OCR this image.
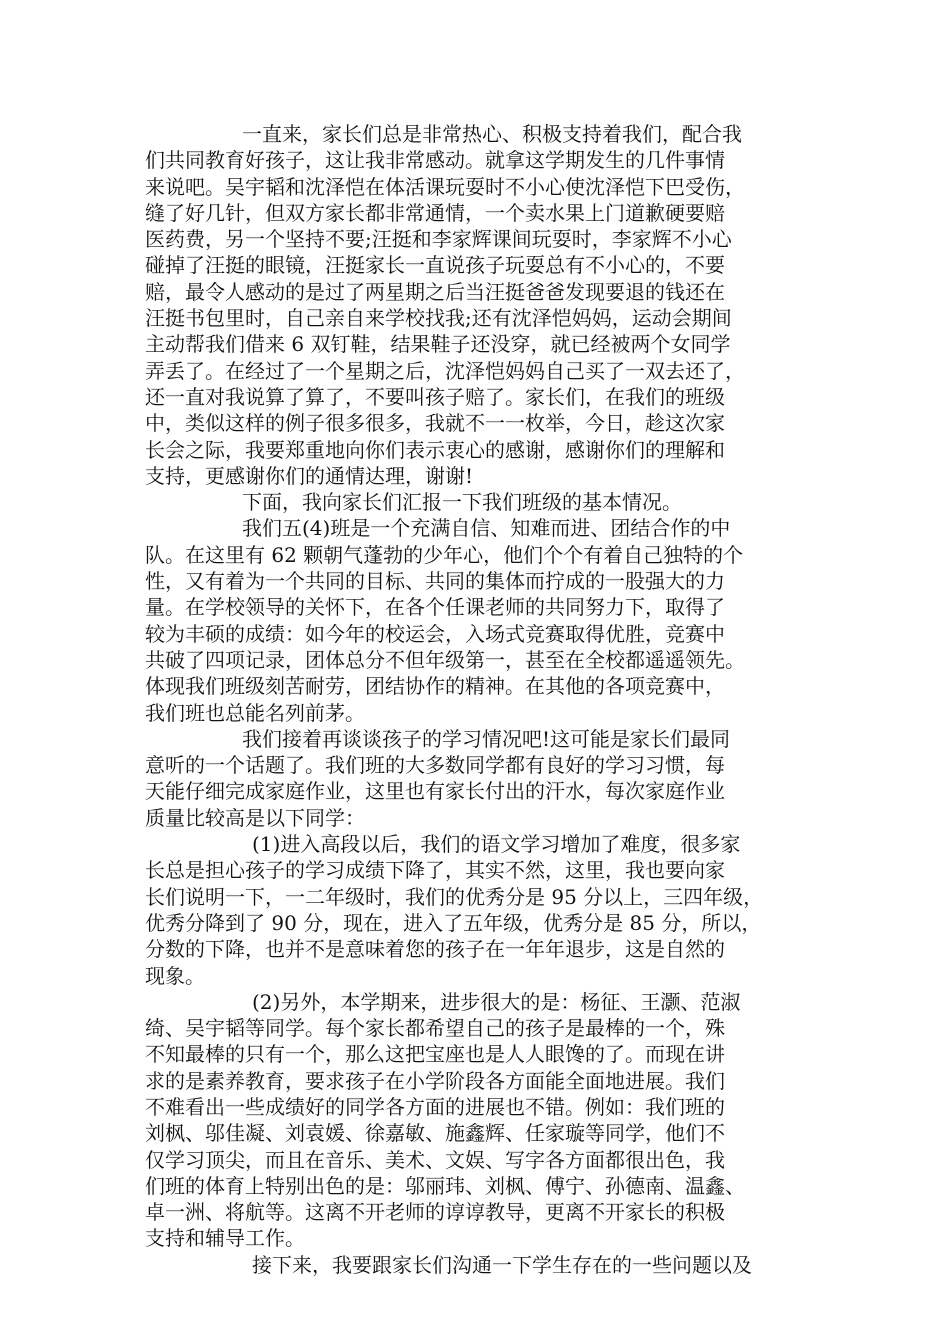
一直来，家长们总是非常热心、积极支持着我们，配合我
们共同教育好孩子，这让我非常感动。就拿这学期发生的几件事情
来说吧。吴宇韬和沈泽恺在体活课玩耍时不小心使沈泽恺下巴受伤，
缝了好几针，但双方家长都非常通情，一个卖水果上门道歉硬要赔
医药费，另一个坚持不要;汪挺和李家辉课间玩耍时，李家辉不小心
碰掉了汪挺的眼镜，汪挺家长一直说孩子玩耍总有不小心的，不要
赔，最令人感动的是过了两星期之后当汪挺爸爸发现要退的钱还在
汪挺书包里时，自己亲自来学校找我;还有沈泽恺妈妈，运动会期间
主动帮我们借来 6 双钉鞋，结果鞋子还没穿，就已经被两个女同学
弄丢了。在经过了一个星期之后，沈泽恺妈妈自己买了一双去还了，
还一直对我说算了算了，不要叫孩子赔了。家长们，在我们的班级
中，类似这样的例子很多很多，我就不一一枚举，今日，趁这次家
长会之际，我要郑重地向你们表示衷心的感谢，感谢你们的理解和
支持，更感谢你们的通情达理，谢谢!
下面，我向家长们汇报一下我们班级的基本情况。
我们五(4)班是一个充满自信、知难而进、团结合作的中
队。在这里有 62 颗朝气蓬勃的少年心，他们个个有着自己独特的个
性，又有着为一个共同的目标、共同的集体而拧成的一股强大的力
量。在学校领导的关怀下，在各个任课老师的共同努力下，取得了
较为丰硕的成绩：如今年的校运会，入场式竞赛取得优胜，竞赛中
共破了四项记录，团体总分不但年级第一，甚至在全校都遥遥领先。
体现我们班级刻苦耐劳，团结协作的精神。在其他的各项竞赛中，
我们班也总能名列前茅。
我们接着再谈谈孩子的学习情况吧!这可能是家长们最同
意听的一个话题了。我们班的大多数同学都有良好的学习习惯，每
天能仔细完成家庭作业，这里也有家长付出的汗水，每次家庭作业
质量比较高是以下同学：
(1)进入高段以后，我们的语文学习增加了难度，很多家
长总是担心孩子的学习成绩下降了，其实不然，这里，我也要向家
长们说明一下，一二年级时，我们的优秀分是 95 分以上，三四年级，
优秀分降到了 90 分，现在，进入了五年级，优秀分是 85 分，所以，
分数的下降，也并不是意味着您的孩子在一年年退步，这是自然的
现象。
(2)另外，本学期来，进步很大的是：杨征、王灏、范淑
绮、吴宇韬等同学。每个家长都希望自己的孩子是最棒的一个，殊
不知最棒的只有一个，那么这把宝座也是人人眼馋的了。而现在讲
求的是素养教育，要求孩子在小学阶段各方面能全面地进展。我们
不难看出一些成绩好的同学各方面的进展也不错。例如：我们班的
刘枫、邬佳凝、刘袁媛、徐嘉敏、施鑫辉、任家璇等同学，他们不
仅学习顶尖，而且在音乐、美术、文娱、写字各方面都很出色，我
们班的体育上特别出色的是：邬丽玮、刘枫、傅宁、孙德南、温鑫、
卓一洲、将航等。这离不开老师的谆谆教导，更离不开家长的积极
支持和辅导工作。
接下来，我要跟家长们沟通一下学生存在的一些问题以及
